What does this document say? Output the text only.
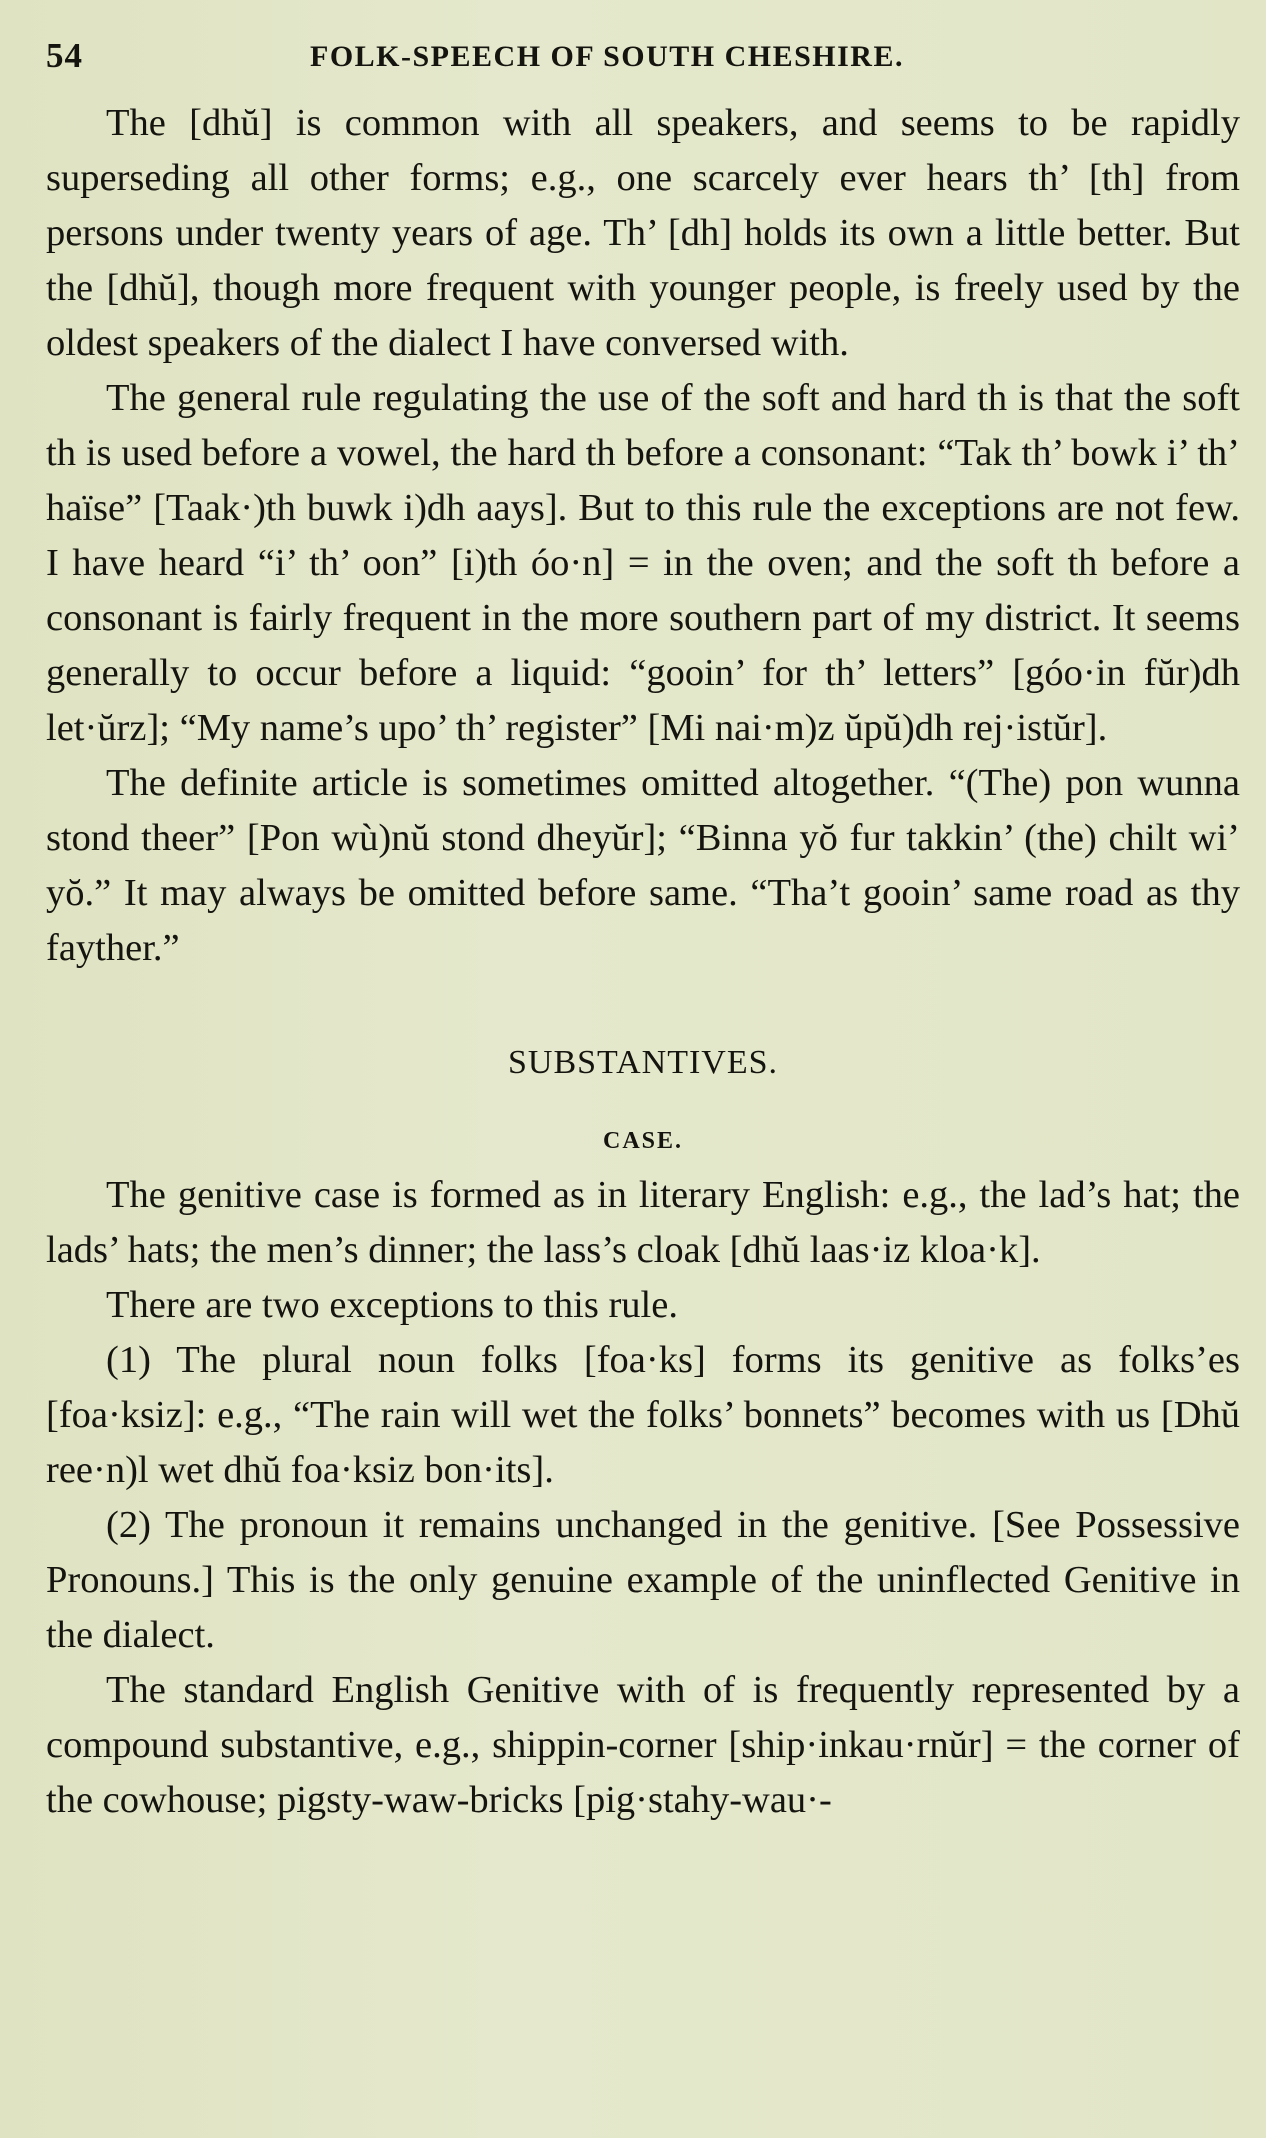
54	FOLK-SPEECH OF SOUTH CHESHIRE.

The [dhŭ] is common with all speakers, and seems to be rapidly superseding all other forms; e.g., one scarcely ever hears th’ [th] from persons under twenty years of age. Th’ [dh] holds its own a little better. But the [dhŭ], though more frequent with younger people, is freely used by the oldest speakers of the dialect I have conversed with.

The general rule regulating the use of the soft and hard th is that the soft th is used before a vowel, the hard th before a consonant: “Tak th’ bowk i’ th’ haïse” [Taak·)th buwk i)dh aays]. But to this rule the exceptions are not few. I have heard “i’ th’ oon” [i)th óo·n] = in the oven; and the soft th before a consonant is fairly frequent in the more southern part of my district. It seems generally to occur before a liquid: “goοin’ for th’ letters” [góo·in fŭr)dh let·ŭrz]; “My name’s upo’ th’ register” [Mi nai·m)z ŭpŭ)dh rej·istŭr].

The definite article is sometimes omitted altogether. “(The) pon wunna stond theer” [Pon wù)nŭ stond dheyŭr]; “Binna yŏ fur takkin’ (the) chilt wi’ yŏ.” It may always be omitted before same. “Tha’t gooin’ same road as thy fayther.”

SUBSTANTIVES.
CASE.

The genitive case is formed as in literary English: e.g., the lad’s hat; the lads’ hats; the men’s dinner; the lass’s cloak [dhŭ laas·iz kloa·k].

There are two exceptions to this rule.

(1) The plural noun folks [foa·ks] forms its genitive as folks’es [foa·ksiz]: e.g., “The rain will wet the folks’ bonnets” becomes with us [Dhŭ ree·n)l wet dhŭ foa·ksiz bon·its].

(2) The pronoun it remains unchanged in the genitive. [See Possessive Pronouns.] This is the only genuine example of the uninflected Genitive in the dialect.

The standard English Genitive with of is frequently represented by a compound substantive, e.g., shippin-corner [ship·inkau·rnŭr] = the corner of the cowhouse; pigsty-waw-bricks [pig·stahy-wau·-
